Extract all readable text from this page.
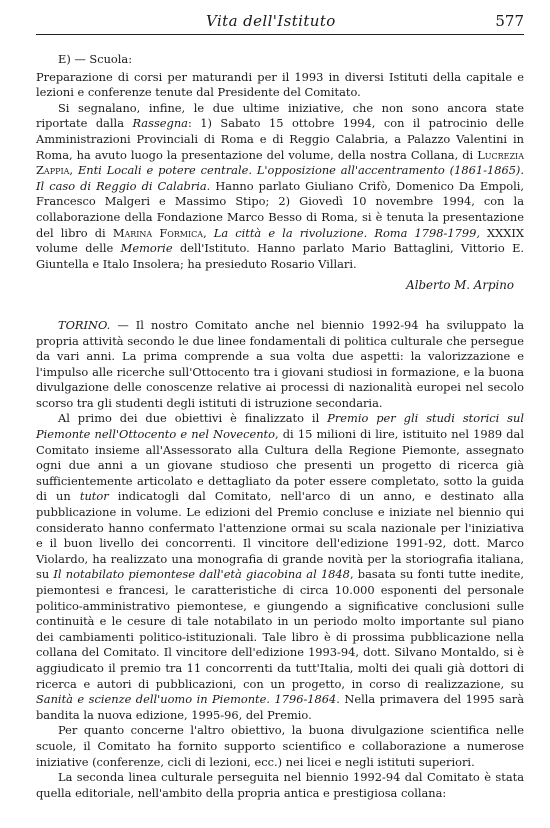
Vita dell'Istituto	577

E) — Scuola:

Preparazione di corsi per maturandi per il 1993 in diversi Istituti della capitale e lezioni e conferenze tenute dal Presidente del Comitato.

Si segnalano, infine, le due ultime iniziative, che non sono ancora state riportate dalla Rassegna: 1) Sabato 15 ottobre 1994, con il patrocinio delle Amministrazioni Provinciali di Roma e di Reggio Calabria, a Palazzo Valentini in Roma, ha avuto luogo la presentazione del volume, della nostra Collana, di Lucrezia Zappia, Enti Locali e potere centrale. L'opposizione all'accentramento (1861-1865). Il caso di Reggio di Calabria. Hanno parlato Giuliano Crifò, Domenico Da Empoli, Francesco Malgeri e Massimo Stipo; 2) Giovedì 10 novembre 1994, con la collaborazione della Fondazione Marco Besso di Roma, si è tenuta la presentazione del libro di Marina Formica, La città e la rivoluzione. Roma 1798-1799, XXXIX volume delle Memorie dell'Istituto. Hanno parlato Mario Battaglini, Vittorio E. Giuntella e Italo Insolera; ha presieduto Rosario Villari.

Alberto M. Arpino

TORINO. — Il nostro Comitato anche nel biennio 1992-94 ha sviluppato la propria attività secondo le due linee fondamentali di politica culturale che persegue da vari anni. La prima comprende a sua volta due aspetti: la valorizzazione e l'impulso alle ricerche sull'Ottocento tra i giovani studiosi in formazione, e la buona divulgazione delle conoscenze relative ai processi di nazionalità europei nel secolo scorso tra gli studenti degli istituti di istruzione secondaria.

Al primo dei due obiettivi è finalizzato il Premio per gli studi storici sul Piemonte nell'Ottocento e nel Novecento, di 15 milioni di lire, istituito nel 1989 dal Comitato insieme all'Assessorato alla Cultura della Regione Piemonte, assegnato ogni due anni a un giovane studioso che presenti un progetto di ricerca già sufficientemente articolato e dettagliato da poter essere completato, sotto la guida di un tutor indicatogli dal Comitato, nell'arco di un anno, e destinato alla pubblicazione in volume. Le edizioni del Premio concluse e iniziate nel biennio qui considerato hanno confermato l'attenzione ormai su scala nazionale per l'iniziativa e il buon livello dei concorrenti. Il vincitore dell'edizione 1991-92, dott. Marco Violardo, ha realizzato una monografia di grande novità per la storiografia italiana, su Il notabilato piemontese dall'età giacobina al 1848, basata su fonti tutte inedite, piemontesi e francesi, le caratteristiche di circa 10.000 esponenti del personale politico-amministrativo piemontese, e giungendo a significative conclusioni sulle continuità e le cesure di tale notabilato in un periodo molto importante sul piano dei cambiamenti politico-istituzionali. Tale libro è di prossima pubblicazione nella collana del Comitato. Il vincitore dell'edizione 1993-94, dott. Silvano Montaldo, si è aggiudicato il premio tra 11 concorrenti da tutt'Italia, molti dei quali già dottori di ricerca e autori di pubblicazioni, con un progetto, in corso di realizzazione, su Sanità e scienze dell'uomo in Piemonte. 1796-1864. Nella primavera del 1995 sarà bandita la nuova edizione, 1995-96, del Premio.

Per quanto concerne l'altro obiettivo, la buona divulgazione scientifica nelle scuole, il Comitato ha fornito supporto scientifico e collaborazione a numerose iniziative (conferenze, cicli di lezioni, ecc.) nei licei e negli istituti superiori.

La seconda linea culturale perseguita nel biennio 1992-94 dal Comitato è stata quella editoriale, nell'ambito della propria antica e prestigiosa collana:
